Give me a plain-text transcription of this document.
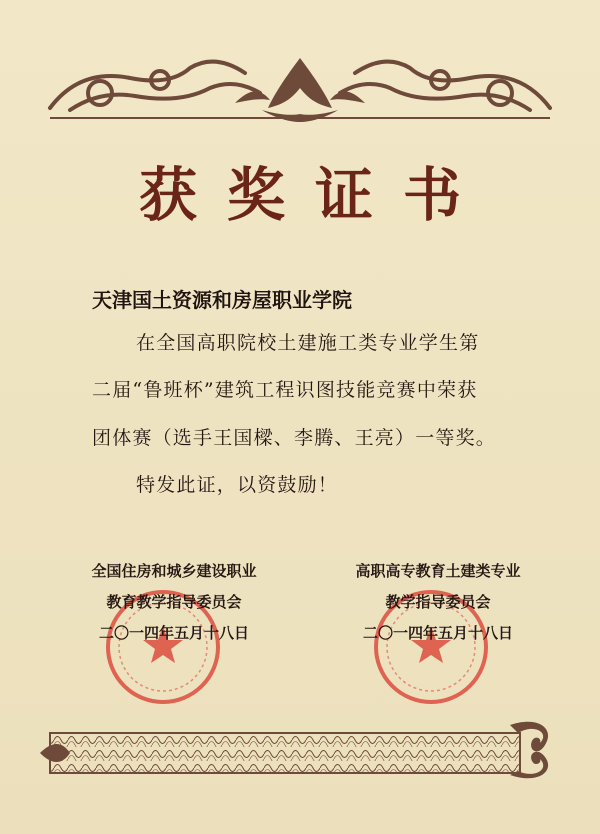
获奖证书
天津国土资源和房屋职业学院
在全国高职院校土建施工类专业学生第
二届“鲁班杯”建筑工程识图技能竞赛中荣获
团体赛（选手王国樑、李腾、王亮）一等奖。
特发此证，以资鼓励！
全国住房和城乡建设职业
教育教学指导委员会
二〇一四年五月十八日
高职高专教育土建类专业
教学指导委员会
二〇一四年五月十八日
